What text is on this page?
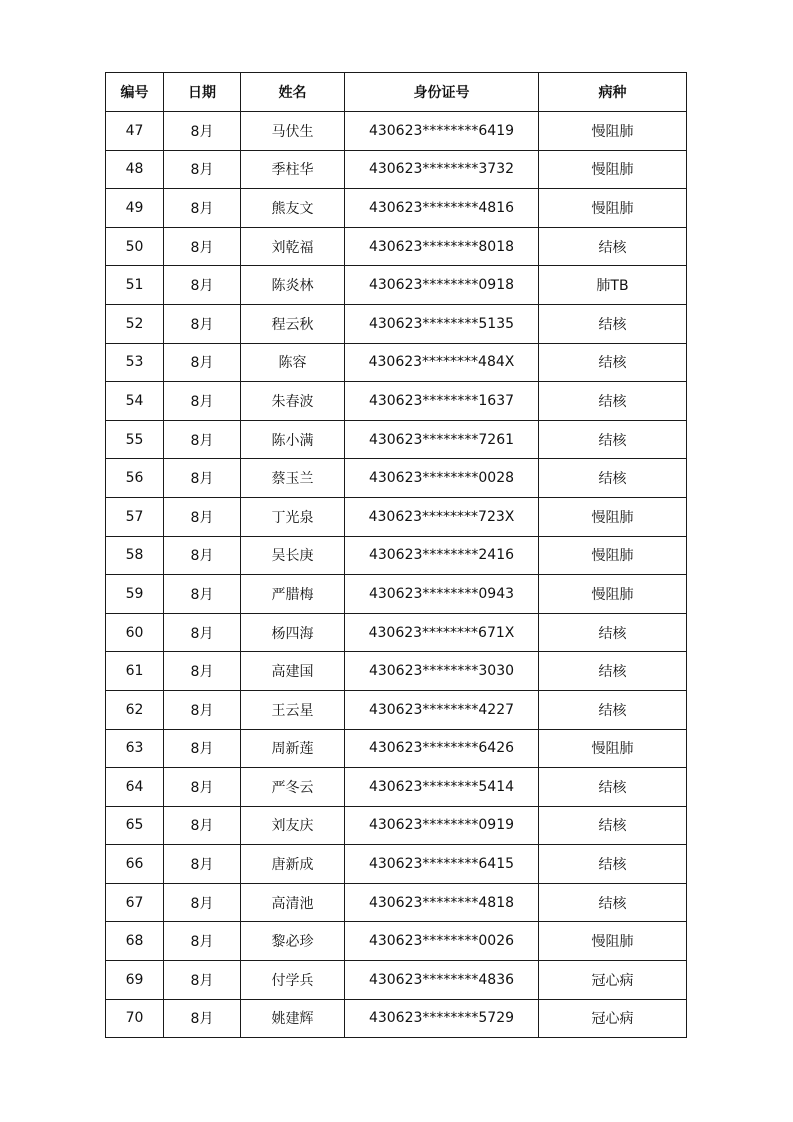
编号	日期	姓名	身份证号	病种
47	8月	马伏生	430623********6419	慢阻肺
48	8月	季柱华	430623********3732	慢阻肺
49	8月	熊友文	430623********4816	慢阻肺
50	8月	刘乾福	430623********8018	结核
51	8月	陈炎林	430623********0918	肺TB
52	8月	程云秋	430623********5135	结核
53	8月	陈容	430623********484X	结核
54	8月	朱春波	430623********1637	结核
55	8月	陈小满	430623********7261	结核
56	8月	蔡玉兰	430623********0028	结核
57	8月	丁光泉	430623********723X	慢阻肺
58	8月	吴长庚	430623********2416	慢阻肺
59	8月	严腊梅	430623********0943	慢阻肺
60	8月	杨四海	430623********671X	结核
61	8月	高建国	430623********3030	结核
62	8月	王云星	430623********4227	结核
63	8月	周新莲	430623********6426	慢阻肺
64	8月	严冬云	430623********5414	结核
65	8月	刘友庆	430623********0919	结核
66	8月	唐新成	430623********6415	结核
67	8月	高清池	430623********4818	结核
68	8月	黎必珍	430623********0026	慢阻肺
69	8月	付学兵	430623********4836	冠心病
70	8月	姚建辉	430623********5729	冠心病
